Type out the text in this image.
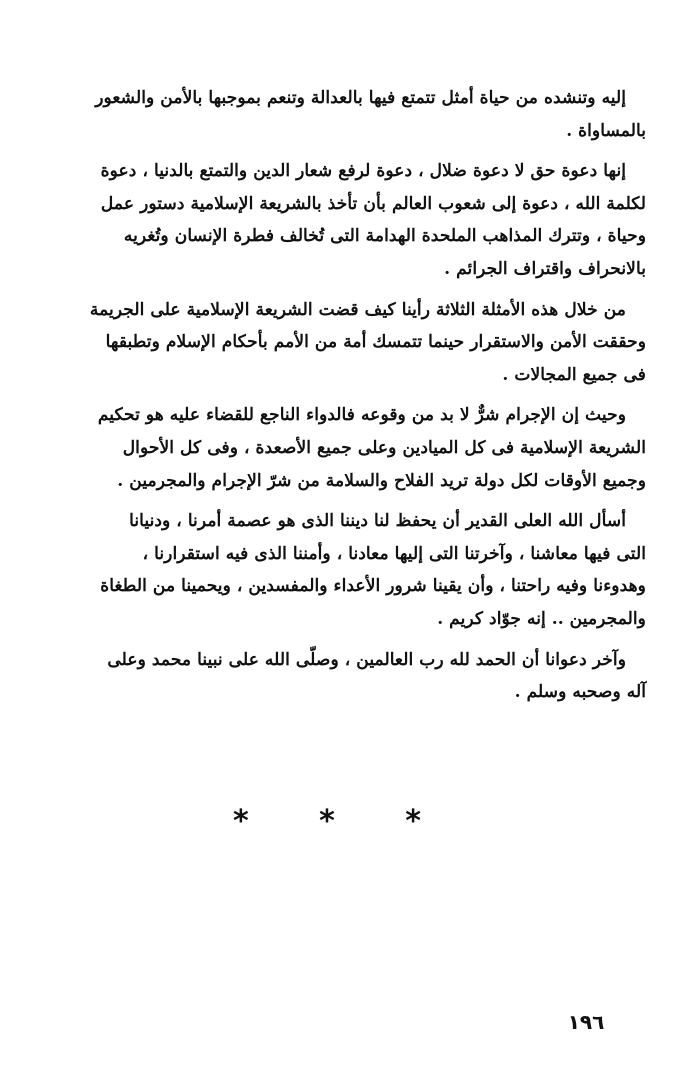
إليه وتنشده من حياة أمثل تتمتع فيها بالعدالة وتنعم بموجبها بالأمن والشعور
بالمساواة .

إنها دعوة حق لا دعوة ضلال ، دعوة لرفع شعار الدين والتمتع بالدنيا ، دعوة
لكلمة الله ، دعوة إلى شعوب العالم بأن تأخذ بالشريعة الإسلامية دستور عمل
وحياة ، وتترك المذاهب الملحدة الهدامة التى تُخالف فطرة الإنسان وتُغريه
بالانحراف واقتراف الجرائم .

من خلال هذه الأمثلة الثلاثة رأينا كيف قضت الشريعة الإسلامية على الجريمة
وحققت الأمن والاستقرار حينما تتمسك أمة من الأمم بأحكام الإسلام وتطبقها
فى جميع المجالات .

وحيث إن الإجرام شرٌّ لا بد من وقوعه فالدواء الناجع للقضاء عليه هو تحكيم
الشريعة الإسلامية فى كل الميادين وعلى جميع الأصعدة ، وفى كل الأحوال
وجميع الأوقات لكل دولة تريد الفلاح والسلامة من شرّ الإجرام والمجرمين .

أسأل الله العلى القدير أن يحفظ لنا ديننا الذى هو عصمة أمرنا ، ودنيانا
التى فيها معاشنا ، وآخرتنا التى إليها معادنا ، وأمننا الذى فيه استقرارنا ،
وهدوءنا وفيه راحتنا ، وأن يقينا شرور الأعداء والمفسدين ، ويحمينا من الطغاة
والمجرمين .. إنه جوّاد كريم .

وآخر دعوانا أن الحمد لله رب العالمين ، وصلّى الله على نبينا محمد وعلى
آله وصحبه وسلم .

* * *
١٩٦
